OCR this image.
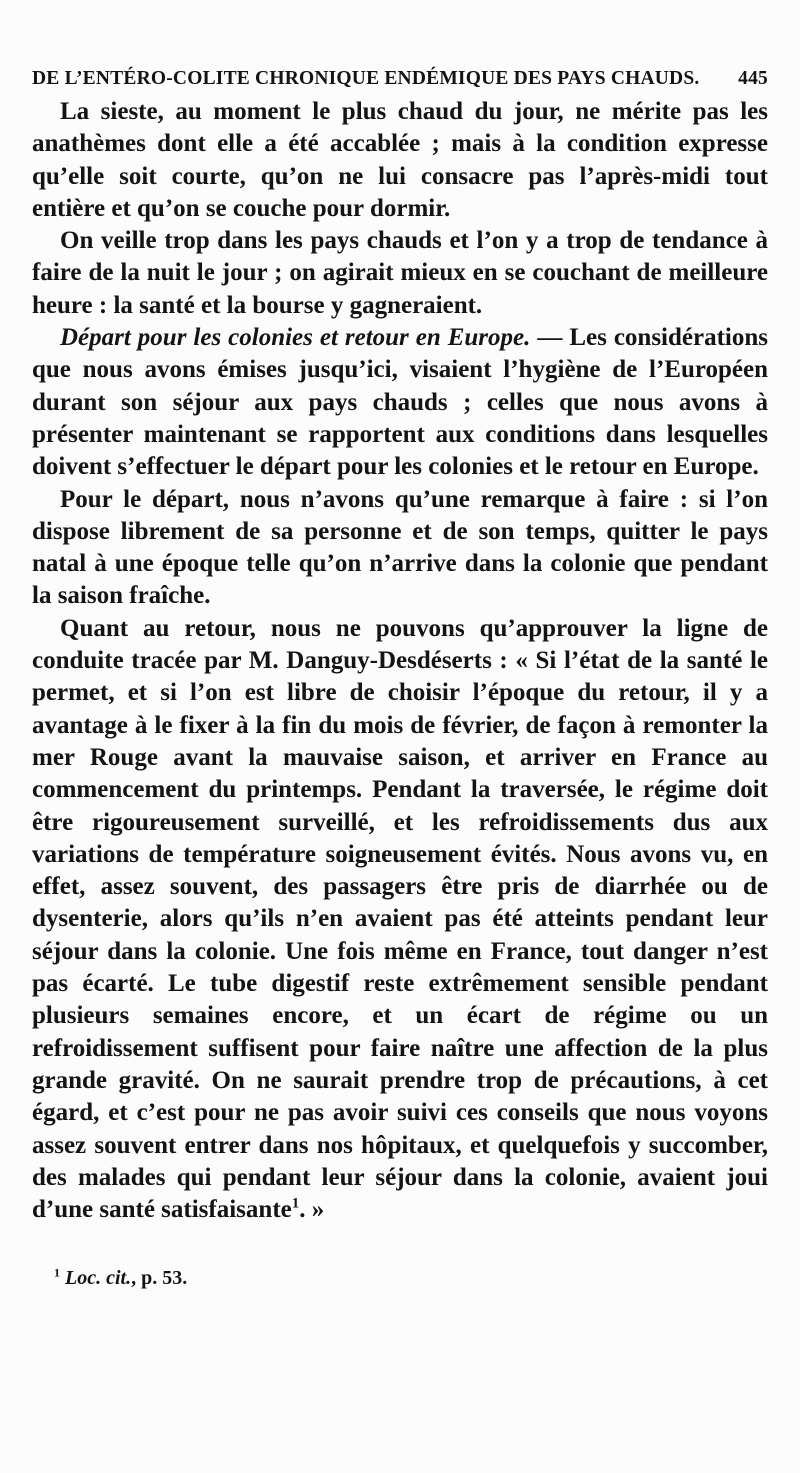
DE L’ENTÉRO-COLITE CHRONIQUE ENDÉMIQUE DES PAYS CHAUDS. 445

La sieste, au moment le plus chaud du jour, ne mérite pas les anathèmes dont elle a été accablée ; mais à la condition expresse qu’elle soit courte, qu’on ne lui consacre pas l’après-midi tout entière et qu’on se couche pour dormir.

On veille trop dans les pays chauds et l’on y a trop de tendance à faire de la nuit le jour ; on agirait mieux en se couchant de meilleure heure : la santé et la bourse y gagneraient.

Départ pour les colonies et retour en Europe. — Les considérations que nous avons émises jusqu’ici, visaient l’hygiène de l’Européen durant son séjour aux pays chauds ; celles que nous avons à présenter maintenant se rapportent aux conditions dans lesquelles doivent s’effectuer le départ pour les colonies et le retour en Europe.

Pour le départ, nous n’avons qu’une remarque à faire : si l’on dispose librement de sa personne et de son temps, quitter le pays natal à une époque telle qu’on n’arrive dans la colonie que pendant la saison fraîche.

Quant au retour, nous ne pouvons qu’approuver la ligne de conduite tracée par M. Danguy-Desdéserts : « Si l’état de la santé le permet, et si l’on est libre de choisir l’époque du retour, il y a avantage à le fixer à la fin du mois de février, de façon à remonter la mer Rouge avant la mauvaise saison, et arriver en France au commencement du printemps. Pendant la traversée, le régime doit être rigoureusement surveillé, et les refroidissements dus aux variations de température soigneusement évités. Nous avons vu, en effet, assez souvent, des passagers être pris de diarrhée ou de dysenterie, alors qu’ils n’en avaient pas été atteints pendant leur séjour dans la colonie. Une fois même en France, tout danger n’est pas écarté. Le tube digestif reste extrêmement sensible pendant plusieurs semaines encore, et un écart de régime ou un refroidissement suffisent pour faire naître une affection de la plus grande gravité. On ne saurait prendre trop de précautions, à cet égard, et c’est pour ne pas avoir suivi ces conseils que nous voyons assez souvent entrer dans nos hôpitaux, et quelquefois y succomber, des malades qui pendant leur séjour dans la colonie, avaient joui d’une santé satisfaisante$^1$. »

$^1$ Loc. cit., p. 53.
